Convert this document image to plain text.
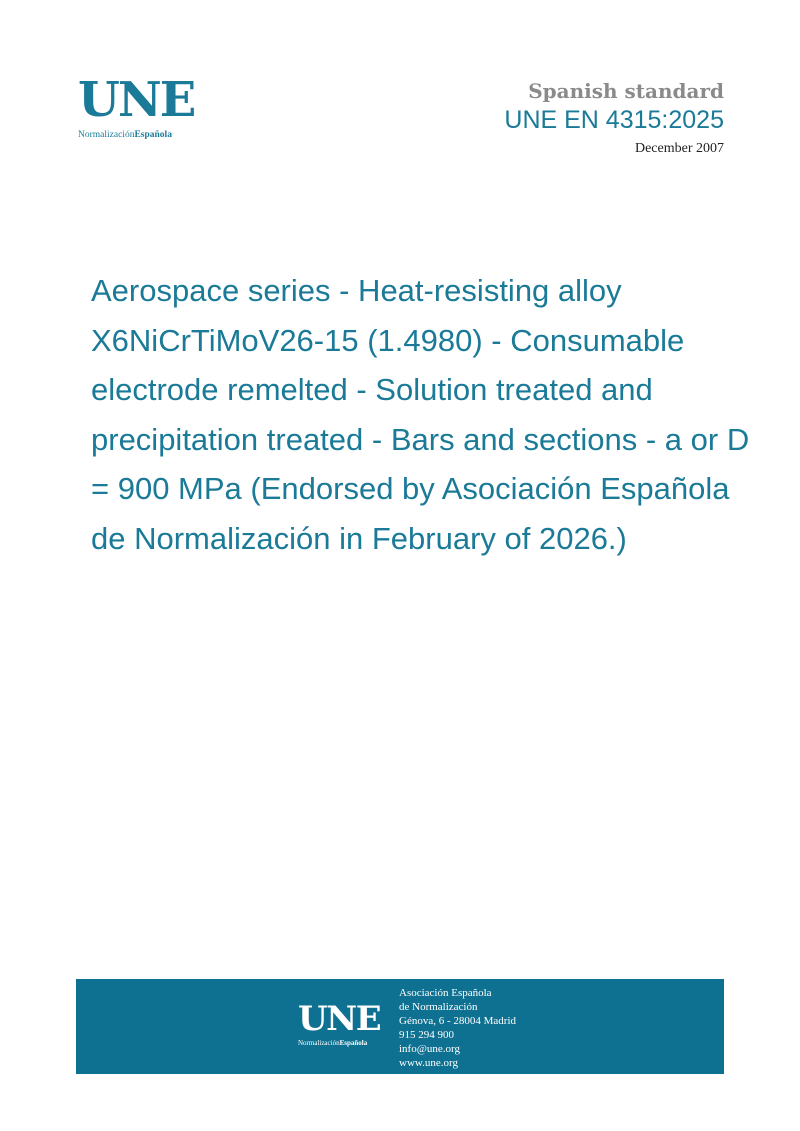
UNE
NormalizaciónEspañola
Spanish standard
UNE EN 4315:2025
December 2007
Aerospace series - Heat-resisting alloy X6NiCrTiMoV26-15 (1.4980) - Consumable electrode remelted - Solution treated and precipitation treated - Bars and sections - a or D = 900 MPa (Endorsed by Asociación Española de Normalización in February of 2026.)
UNE
NormalizaciónEspañola
Asociación Española
de Normalización
Génova, 6 - 28004 Madrid
915 294 900
info@une.org
www.une.org
